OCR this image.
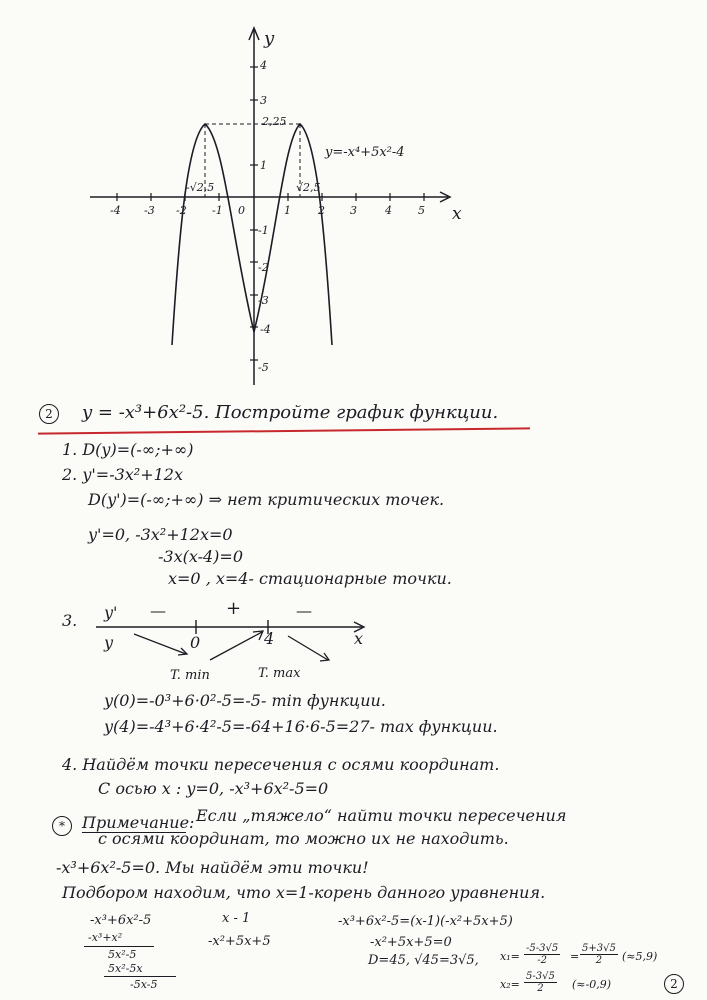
y
x
y=-x⁴+5x²-4
4
3
2,25
1
-1
-2
-3
-4
-5
-4 -3 -2 -1 0	1 2 3	4 5
-√2,5	√2,5
2	y = -x³+6x²-5. Постройте график функции.
1. D(y)=(-∞;+∞)
2. y'=-3x²+12x
D(y')=(-∞;+∞) ⇒ нет критических точек.
y'=0, -3x²+12x=0
-3x(x-4)=0
x=0 , x=4- стационарные точки.
3. y'
y
—	+	—
0	4	x
T. min	T. max
y(0)=-0³+6·0²-5=-5- min функции.
y(4)=-4³+6·4²-5=-64+16·6-5=27- max функции.
4. Найдём точки пересечения с осями координат.
С осью x : y=0, -x³+6x²-5=0
*	Примечание: Если „тяжело“ найти точки пересечения
с осями координат, то можно их не находить.
-x³+6x²-5=0. Мы найдём эти точки!
Подбором находим, что x=1-корень данного уравнения.
-x³+6x²-5	x - 1
-x²+5x+5
-x³+x²
5x²-5
5x²-5x
-5x-5
-x³+6x²-5=(x-1)(-x²+5x+5)
-x²+5x+5=0
D=45, √45=3√5, $x_1= \frac{-5-3√5}{-2} = \frac{5+3√5}{2} (\approx 5,9)$
$x_2= \frac{5-3√5}{2} (\approx-0,9)$	2
